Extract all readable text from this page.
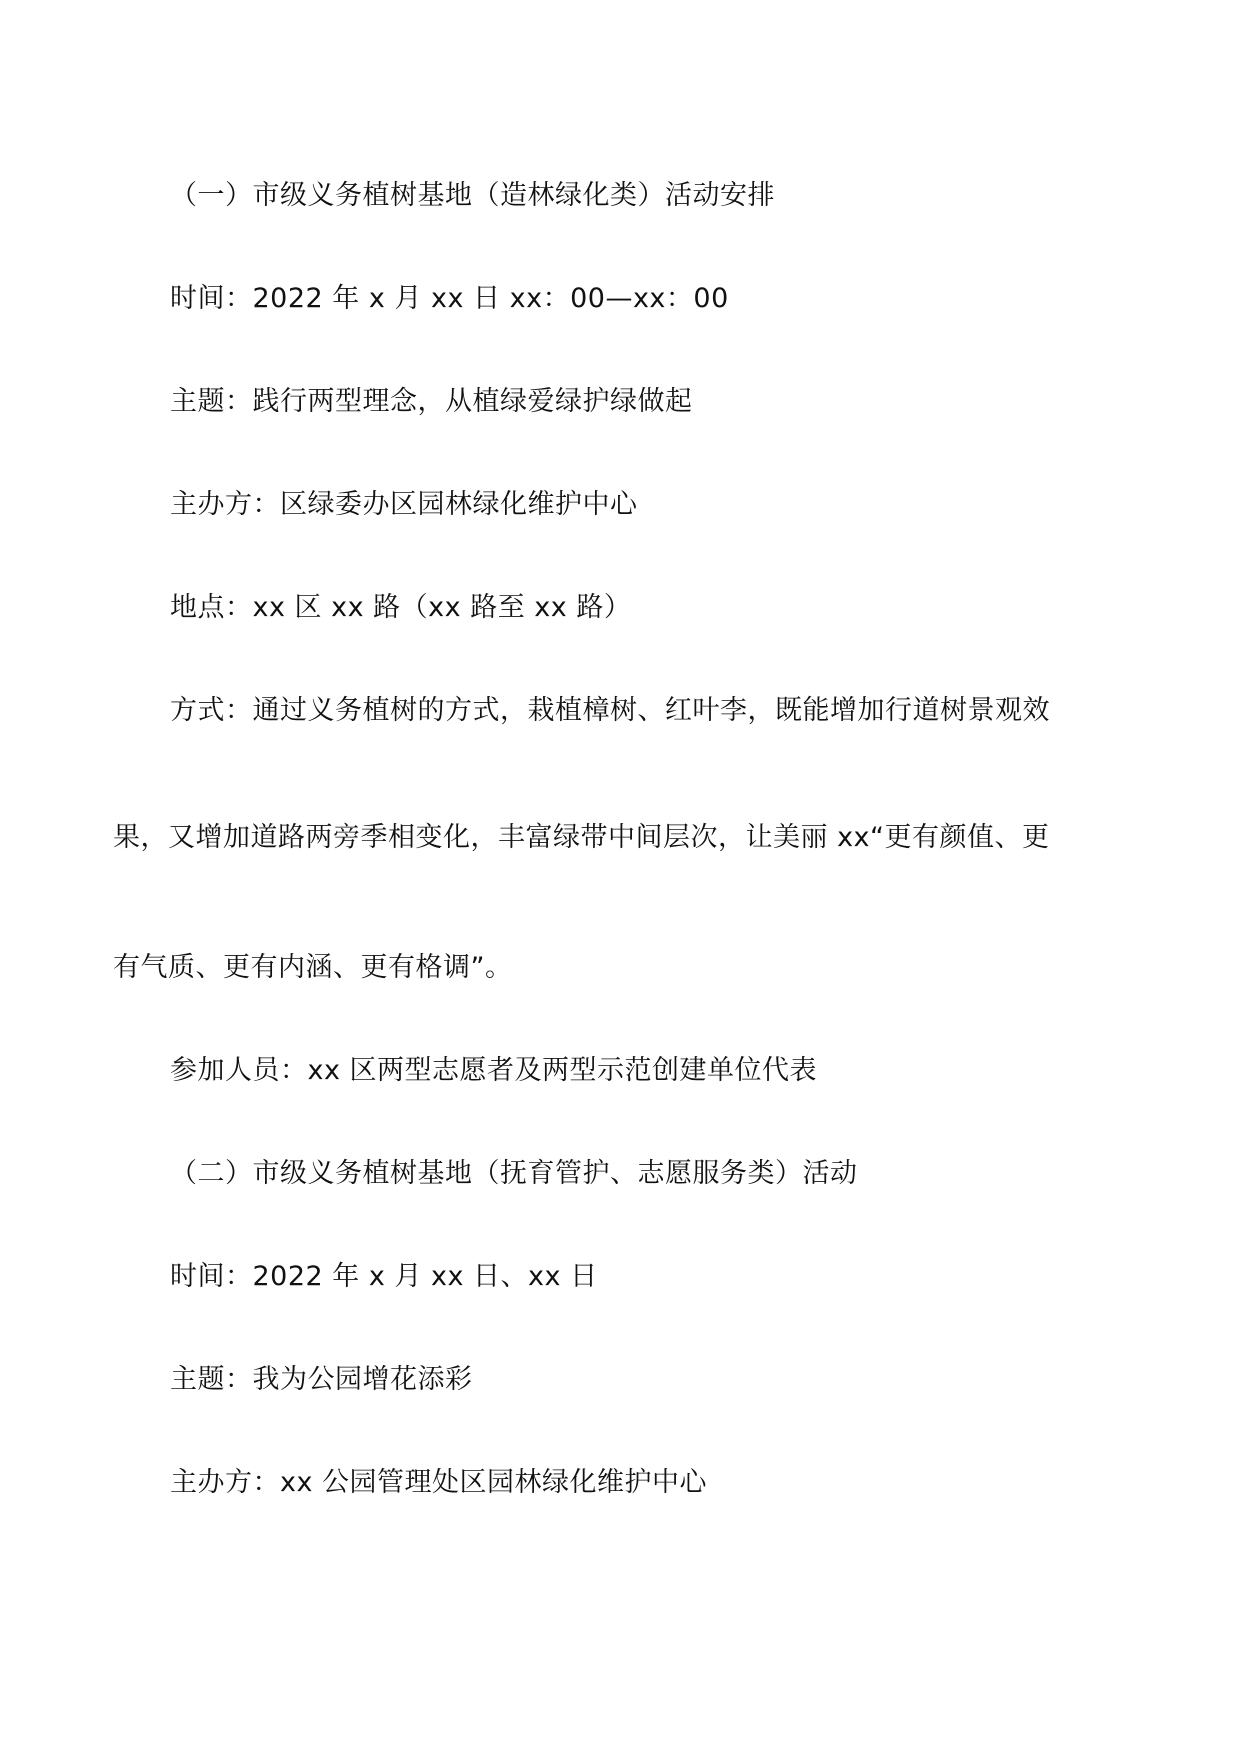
（一）市级义务植树基地（造林绿化类）活动安排
时间：2022 年 x 月 xx 日 xx：00—xx：00
主题：践行两型理念，从植绿爱绿护绿做起
主办方：区绿委办区园林绿化维护中心
地点：xx 区 xx 路（xx 路至 xx 路）
方式：通过义务植树的方式，栽植樟树、红叶李，既能增加行道树景观效
果，又增加道路两旁季相变化，丰富绿带中间层次，让美丽 xx“更有颜值、更
有气质、更有内涵、更有格调”。
参加人员：xx 区两型志愿者及两型示范创建单位代表
（二）市级义务植树基地（抚育管护、志愿服务类）活动
时间：2022 年 x 月 xx 日、xx 日
主题：我为公园增花添彩
主办方：xx 公园管理处区园林绿化维护中心
